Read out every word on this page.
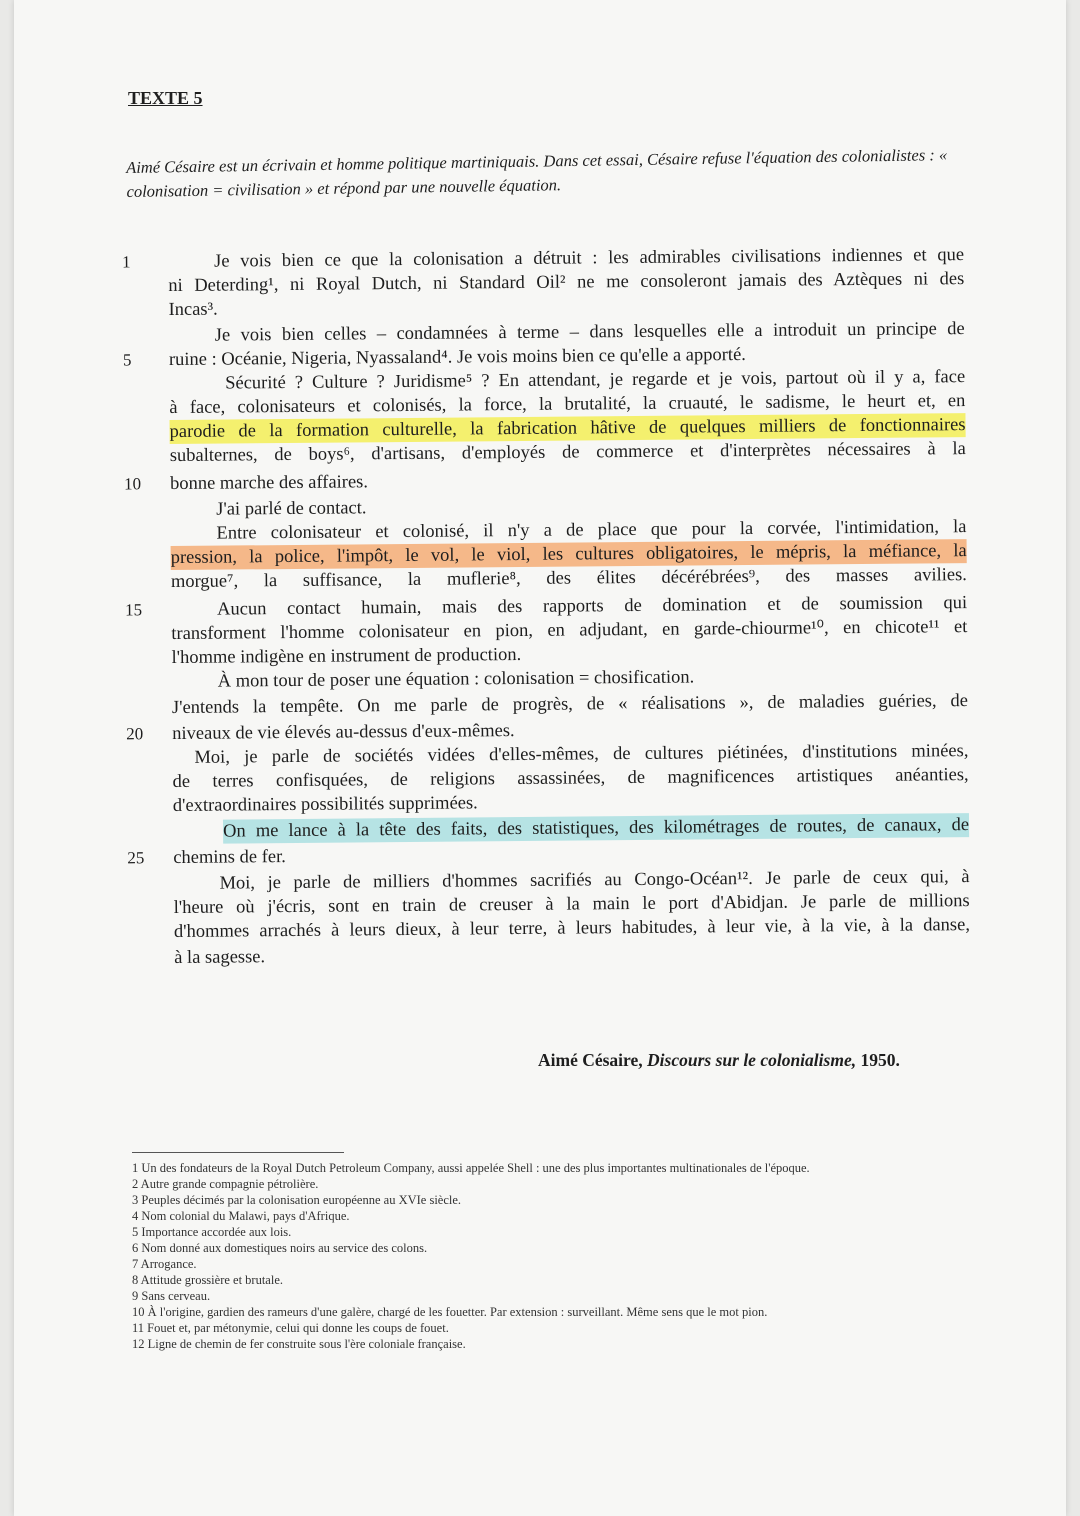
TEXTE 5
Aimé Césaire est un écrivain et homme politique martiniquais. Dans cet essai, Césaire refuse l'équation des colonialistes : « colonisation = civilisation » et répond par une nouvelle équation.
1
5
10
15
20
25
Je vois bien ce que la colonisation a détruit : les admirables civilisations indiennes et que
ni Deterding¹, ni Royal Dutch, ni Standard Oil² ne me consoleront jamais des Aztèques ni des
Incas³.
Je vois bien celles – condamnées à terme – dans lesquelles elle a introduit un principe de
ruine : Océanie, Nigeria, Nyassaland⁴. Je vois moins bien ce qu'elle a apporté.
Sécurité ? Culture ? Juridisme⁵ ? En attendant, je regarde et je vois, partout où il y a, face
à face, colonisateurs et colonisés, la force, la brutalité, la cruauté, le sadisme, le heurt et, en
parodie de la formation culturelle, la fabrication hâtive de quelques milliers de fonctionnaires
subalternes, de boys⁶, d'artisans, d'employés de commerce et d'interprètes nécessaires à la
bonne marche des affaires.
J'ai parlé de contact.
Entre colonisateur et colonisé, il n'y a de place que pour la corvée, l'intimidation, la
pression, la police, l'impôt, le vol, le viol, les cultures obligatoires, le mépris, la méfiance, la
morgue⁷, la suffisance, la muflerie⁸, des élites décérébrées⁹, des masses avilies.
Aucun contact humain, mais des rapports de domination et de soumission qui
transforment l'homme colonisateur en pion, en adjudant, en garde-chiourme¹⁰, en chicote¹¹ et
l'homme indigène en instrument de production.
À mon tour de poser une équation : colonisation = chosification.
J'entends la tempête. On me parle de progrès, de « réalisations », de maladies guéries, de
niveaux de vie élevés au-dessus d'eux-mêmes.
Moi, je parle de sociétés vidées d'elles-mêmes, de cultures piétinées, d'institutions minées,
de terres confisquées, de religions assassinées, de magnificences artistiques anéanties,
d'extraordinaires possibilités supprimées.
On me lance à la tête des faits, des statistiques, des kilométrages de routes, de canaux, de
chemins de fer.
Moi, je parle de milliers d'hommes sacrifiés au Congo-Océan¹². Je parle de ceux qui, à
l'heure où j'écris, sont en train de creuser à la main le port d'Abidjan. Je parle de millions
d'hommes arrachés à leurs dieux, à leur terre, à leurs habitudes, à leur vie, à la vie, à la danse,
à la sagesse.
Aimé Césaire, Discours sur le colonialisme, 1950.

1 Un des fondateurs de la Royal Dutch Petroleum Company, aussi appelée Shell : une des plus importantes multinationales de l'époque.

2 Autre grande compagnie pétrolière.

3 Peuples décimés par la colonisation européenne au XVIe siècle.

4 Nom colonial du Malawi, pays d'Afrique.

5 Importance accordée aux lois.

6 Nom donné aux domestiques noirs au service des colons.

7 Arrogance.

8 Attitude grossière et brutale.

9 Sans cerveau.

10 À l'origine, gardien des rameurs d'une galère, chargé de les fouetter. Par extension : surveillant. Même sens que le mot pion.

11 Fouet et, par métonymie, celui qui donne les coups de fouet.

12 Ligne de chemin de fer construite sous l'ère coloniale française.
